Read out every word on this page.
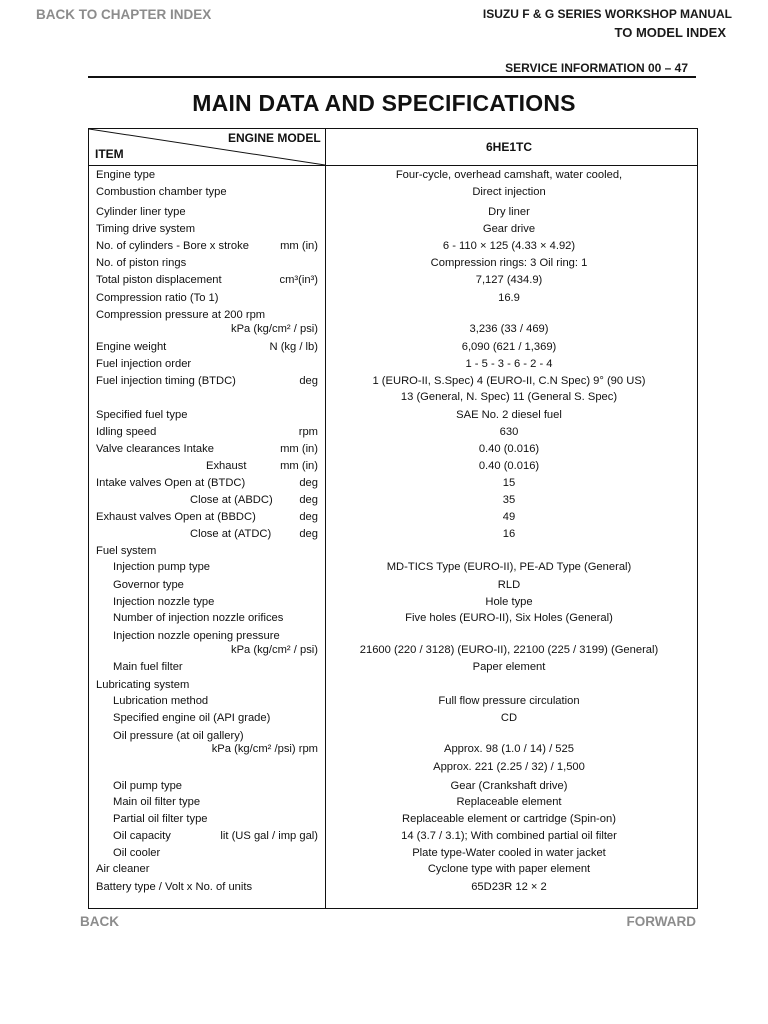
BACK TO CHAPTER INDEX	ISUZU F & G SERIES WORKSHOP MANUAL
TO MODEL INDEX
SERVICE INFORMATION 00 – 47
MAIN DATA AND SPECIFICATIONS
ENGINE MODEL
ITEM	6HE1TC
Engine type	Four-cycle, overhead camshaft, water cooled,
Combustion chamber type	Direct injection
Cylinder liner type	Dry liner
Timing drive system	Gear drive
No. of cylinders - Bore x stroke	mm (in)	6 - 110 × 125 (4.33 × 4.92)
No. of piston rings	Compression rings: 3 Oil ring: 1
Total piston displacement	cm³(in³)	7,127 (434.9)
Compression ratio (To 1)	16.9
Compression pressure at 200 rpm
kPa (kg/cm² / psi)	3,236 (33 / 469)
Engine weight	N (kg / lb)	6,090 (621 / 1,369)
Fuel injection order	1 - 5 - 3 - 6 - 2 - 4
Fuel injection timing (BTDC)	deg	1 (EURO-II, S.Spec) 4 (EURO-II, C.N Spec) 9° (90 US)
13 (General, N. Spec) 11 (General S. Spec)
Specified fuel type	SAE No. 2 diesel fuel
Idling speed	rpm	630
Valve clearances Intake	mm (in)	0.40 (0.016)
Exhaust	mm (in)	0.40 (0.016)
Intake valves Open at (BTDC)	deg	15
Close at (ABDC) deg	35
Exhaust valves Open at (BBDC)	deg	49
Close at (ATDC)	deg	16
Fuel system
Injection pump type	MD-TICS Type (EURO-II), PE-AD Type (General)
Governor type	RLD
Injection nozzle type	Hole type
Number of injection nozzle orifices	Five holes (EURO-II), Six Holes (General)
Injection nozzle opening pressure
kPa (kg/cm² / psi)	21600 (220 / 3128) (EURO-II), 22100 (225 / 3199) (General)
Main fuel filter	Paper element
Lubricating system
Lubrication method	Full flow pressure circulation
Specified engine oil (API grade)	CD
Oil pressure (at oil gallery)
kPa (kg/cm² /psi) rpm	Approx. 98 (1.0 / 14) / 525
Approx. 221 (2.25 / 32) / 1,500
Oil pump type	Gear (Crankshaft drive)
Main oil filter type	Replaceable element
Partial oil filter type	Replaceable element or cartridge (Spin-on)
Oil capacity	lit (US gal / imp gal)	14 (3.7 / 3.1); With combined partial oil filter
Oil cooler	Plate type-Water cooled in water jacket
Air cleaner	Cyclone type with paper element
Battery type / Volt x No. of units	65D23R 12 × 2
BACK	FORWARD
